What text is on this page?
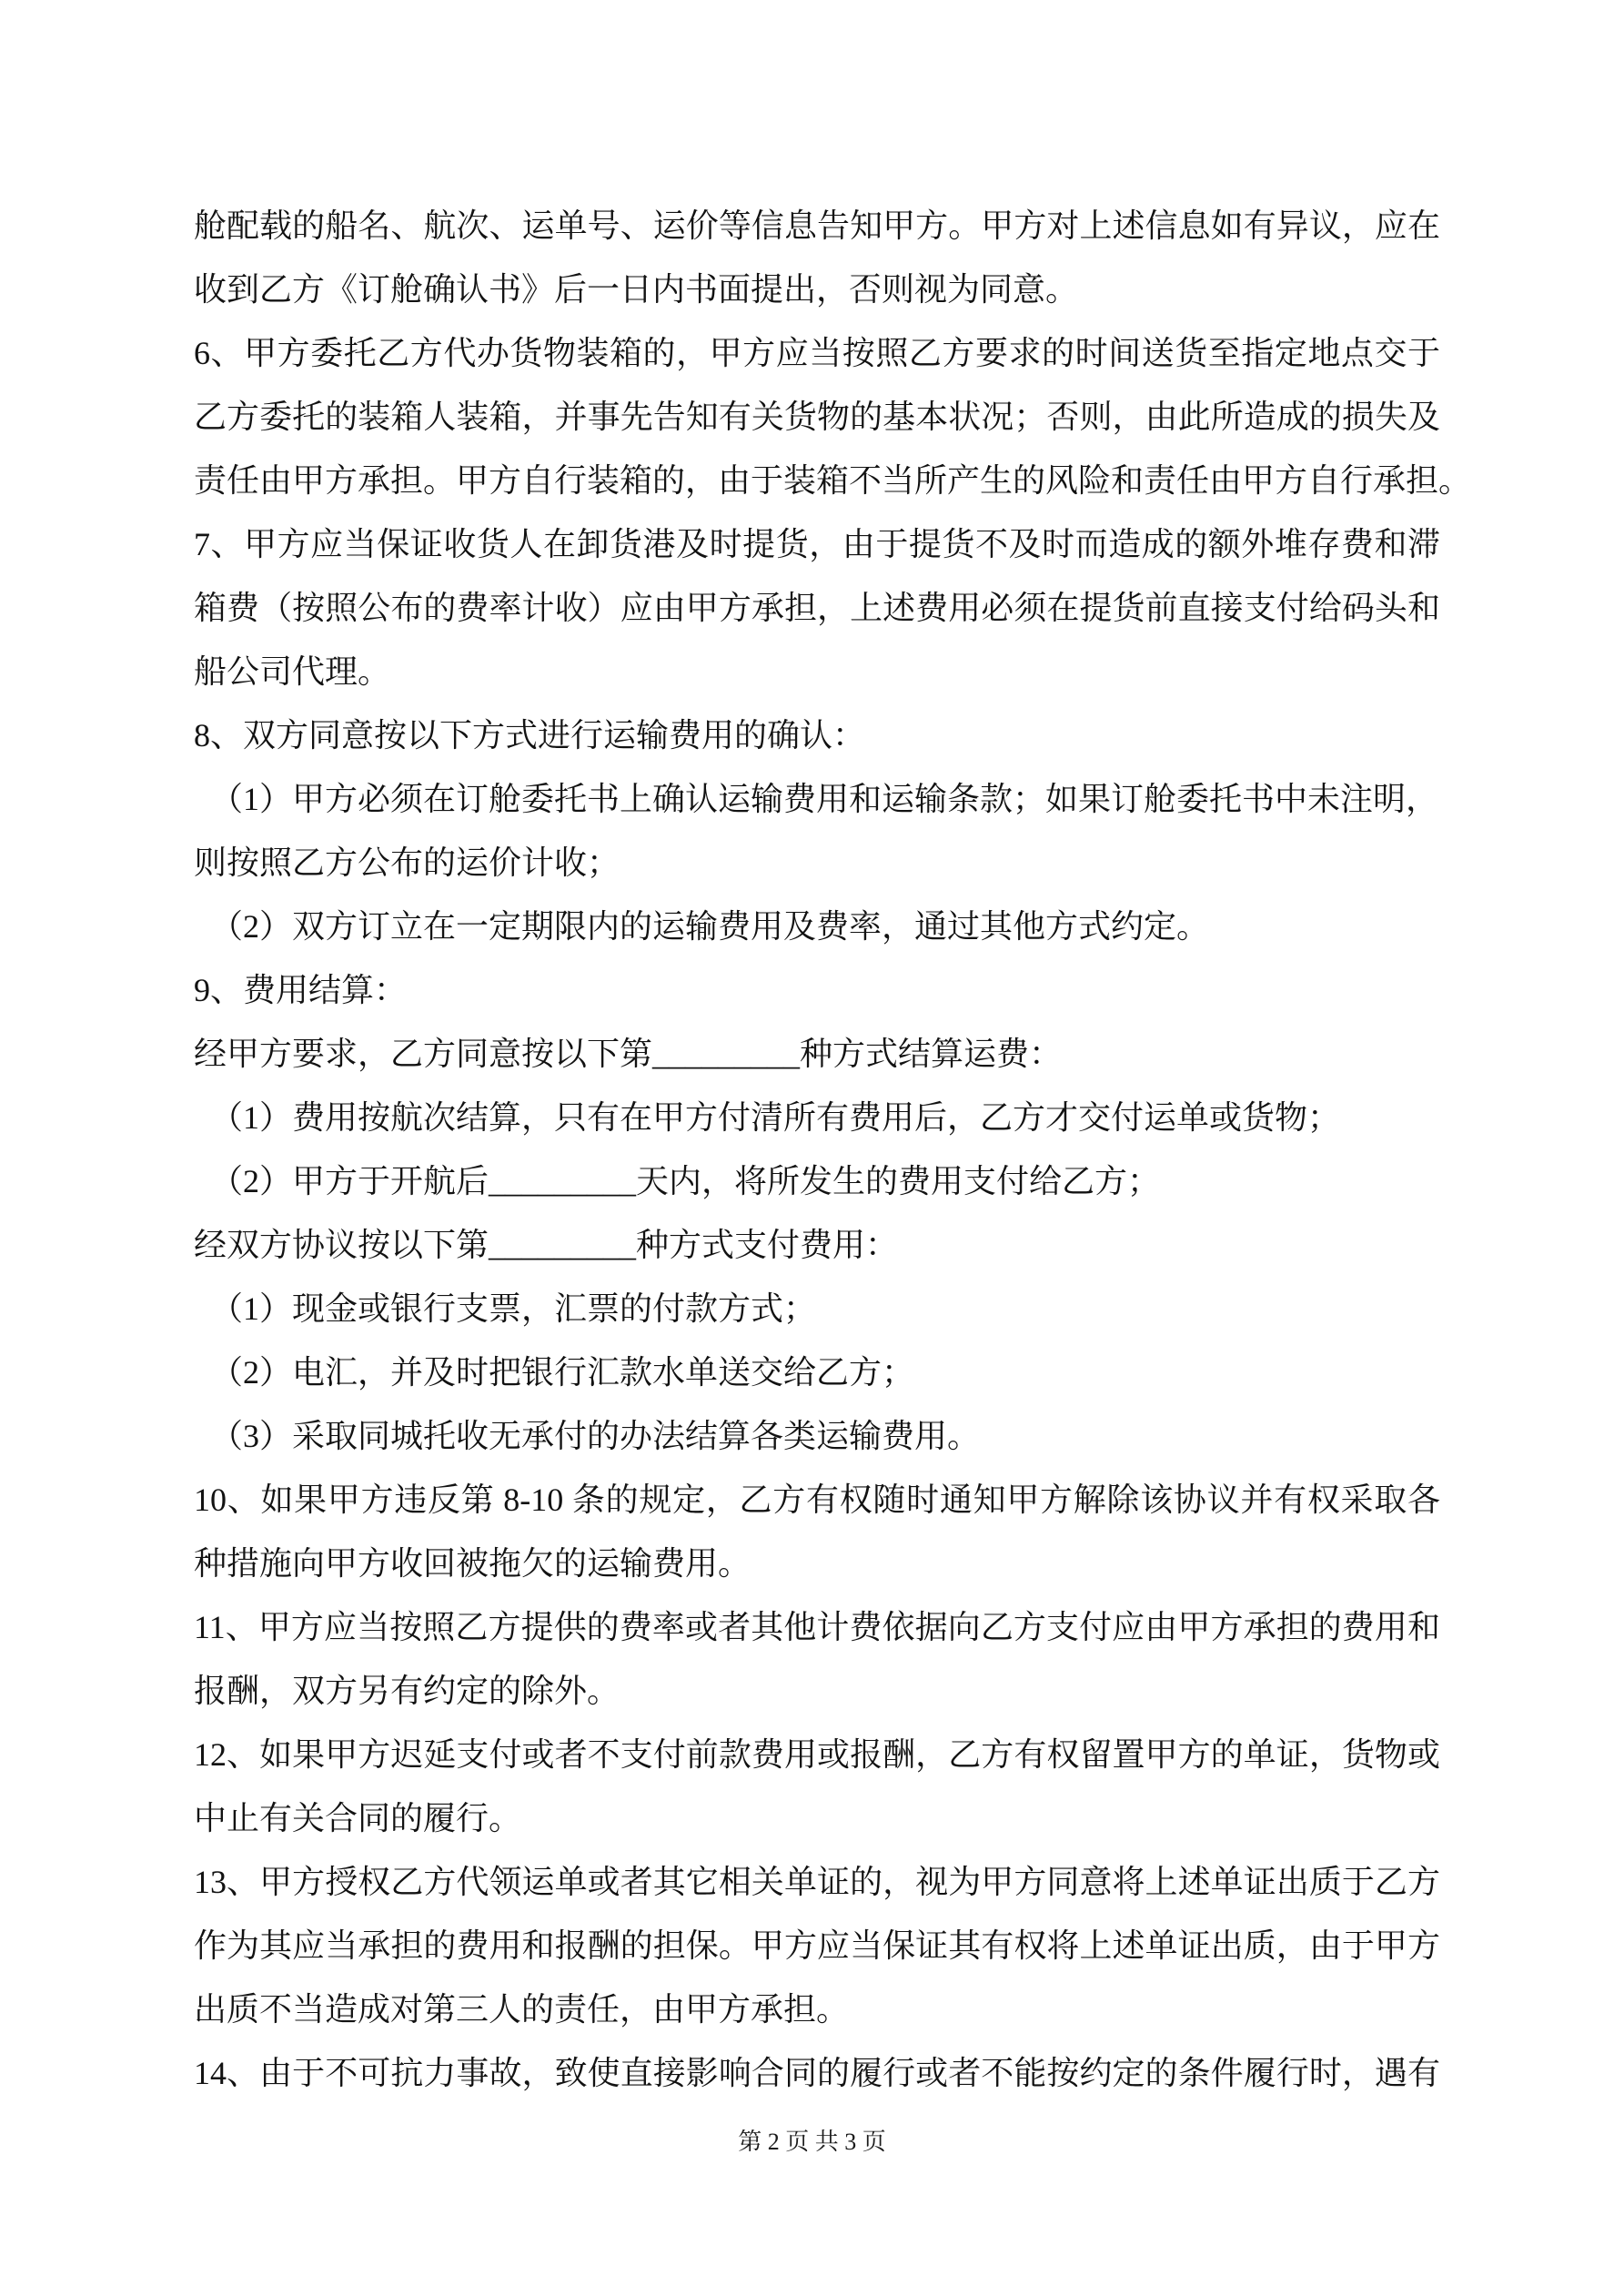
舱配载的船名、航次、运单号、运价等信息告知甲方。甲方对上述信息如有异议，应在
收到乙方《订舱确认书》后一日内书面提出，否则视为同意。
6、甲方委托乙方代办货物装箱的，甲方应当按照乙方要求的时间送货至指定地点交于
乙方委托的装箱人装箱，并事先告知有关货物的基本状况；否则，由此所造成的损失及
责任由甲方承担。甲方自行装箱的，由于装箱不当所产生的风险和责任由甲方自行承担。
7、甲方应当保证收货人在卸货港及时提货，由于提货不及时而造成的额外堆存费和滞
箱费（按照公布的费率计收）应由甲方承担，上述费用必须在提货前直接支付给码头和
船公司代理。
8、双方同意按以下方式进行运输费用的确认：
（1）甲方必须在订舱委托书上确认运输费用和运输条款；如果订舱委托书中未注明，
则按照乙方公布的运价计收；
（2）双方订立在一定期限内的运输费用及费率，通过其他方式约定。
9、费用结算：
经甲方要求，乙方同意按以下第_________种方式结算运费：
（1）费用按航次结算，只有在甲方付清所有费用后，乙方才交付运单或货物；
（2）甲方于开航后_________天内，将所发生的费用支付给乙方；
经双方协议按以下第_________种方式支付费用：
（1）现金或银行支票，汇票的付款方式；
（2）电汇，并及时把银行汇款水单送交给乙方；
（3）采取同城托收无承付的办法结算各类运输费用。
10、如果甲方违反第 8-10 条的规定，乙方有权随时通知甲方解除该协议并有权采取各
种措施向甲方收回被拖欠的运输费用。
11、甲方应当按照乙方提供的费率或者其他计费依据向乙方支付应由甲方承担的费用和
报酬，双方另有约定的除外。
12、如果甲方迟延支付或者不支付前款费用或报酬，乙方有权留置甲方的单证，货物或
中止有关合同的履行。
13、甲方授权乙方代领运单或者其它相关单证的，视为甲方同意将上述单证出质于乙方
作为其应当承担的费用和报酬的担保。甲方应当保证其有权将上述单证出质，由于甲方
出质不当造成对第三人的责任，由甲方承担。
14、由于不可抗力事故，致使直接影响合同的履行或者不能按约定的条件履行时，遇有
第 2 页 共 3 页
